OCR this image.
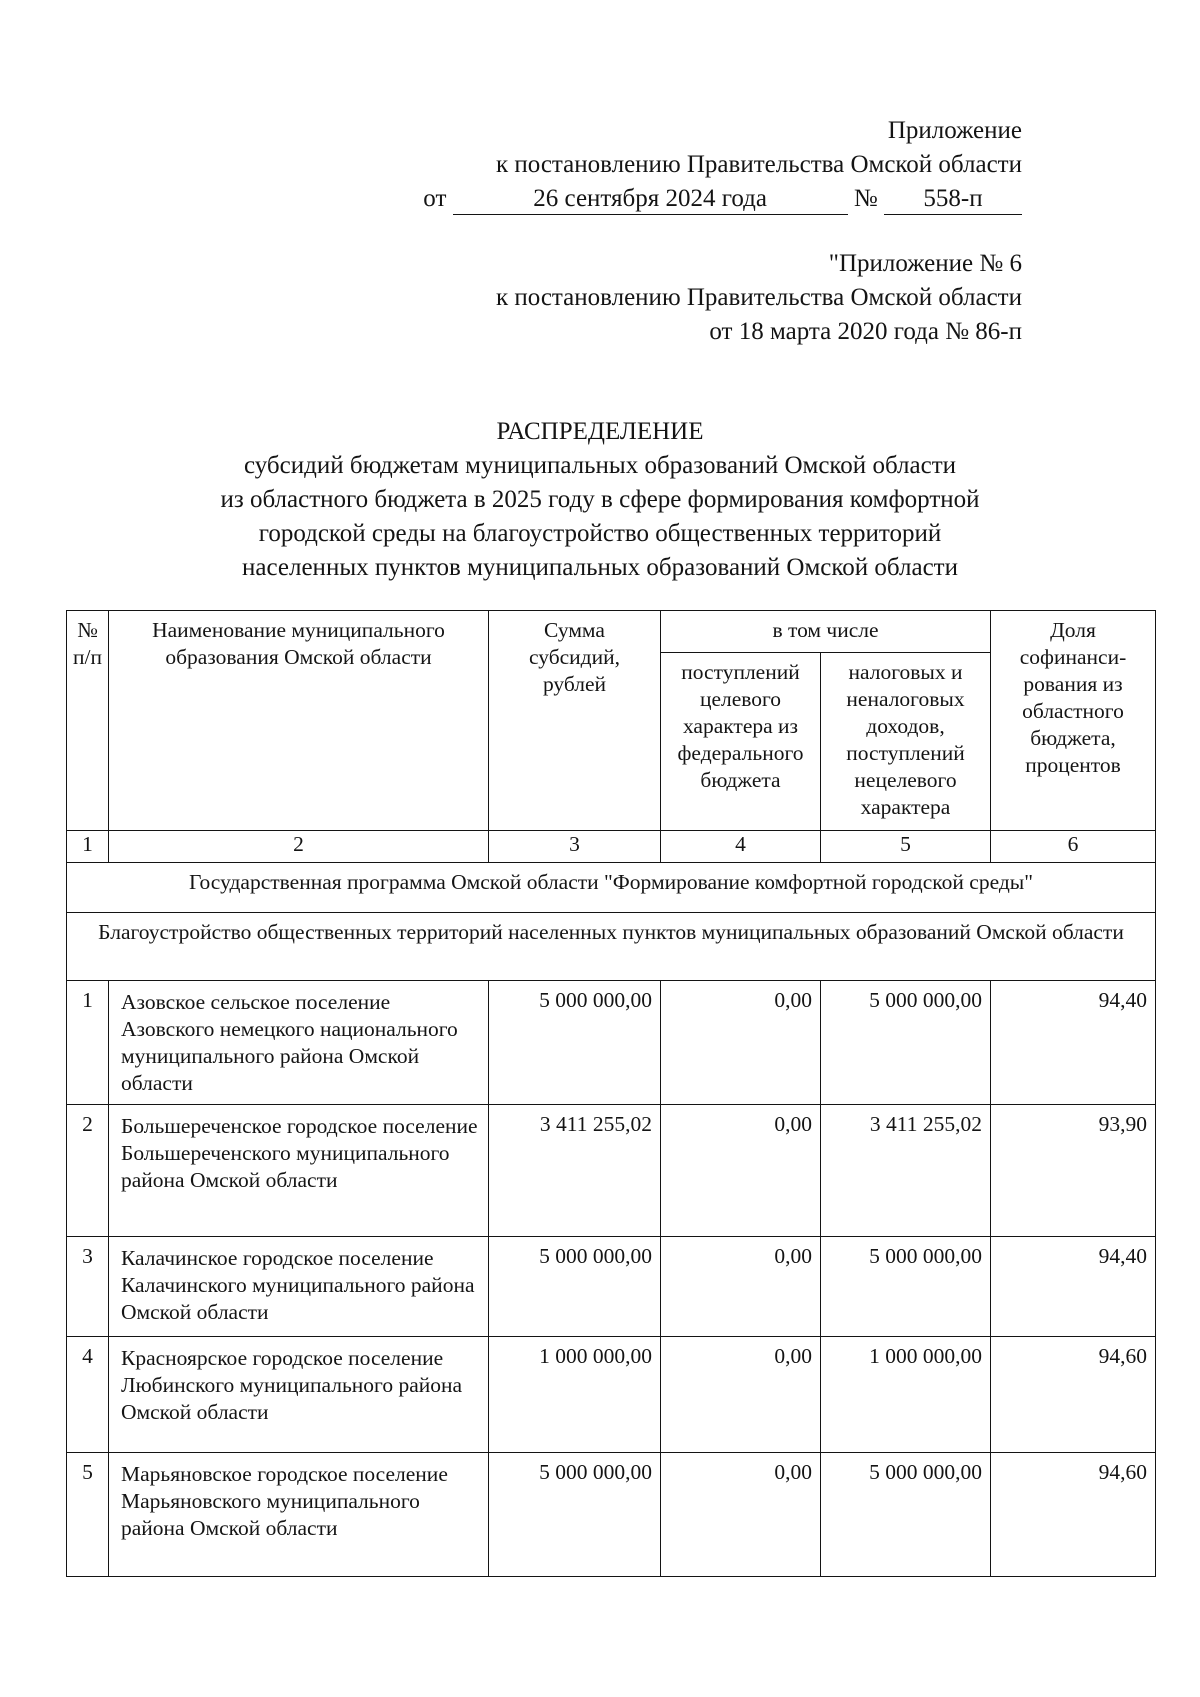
Приложение
к постановлению Правительства Омской области
от	26 сентября 2024 года	№ 558-п
"Приложение № 6
к постановлению Правительства Омской области
от 18 марта 2020 года № 86-п
РАСПРЕДЕЛЕНИЕ
субсидий бюджетам муниципальных образований Омской области
из областного бюджета в 2025 году в сфере формирования комфортной
городской среды на благоустройство общественных территорий
населенных пунктов муниципальных образований Омской области
№ п/п	Наименование муниципального образования Омской области	Сумма субсидий, рублей	в том числе		Доля софинанси-рования из областного бюджета, процентов
			поступлений целевого характера из федерального бюджета	налоговых и неналоговых доходов, поступлений нецелевого характера	
1	2	3	4	5	6
Государственная программа Омской области "Формирование комфортной городской среды"					
Благоустройство общественных территорий населенных пунктов муниципальных образований Омской области					
1	Азовское сельское поселение Азовского немецкого национального муниципального района Омской области	5 000 000,00	0,00	5 000 000,00	94,40
2	Большереченское городское поселение Большереченского муниципального района Омской области	3 411 255,02	0,00	3 411 255,02	93,90
3	Калачинское городское поселение Калачинского муниципального района Омской области	5 000 000,00	0,00	5 000 000,00	94,40
4	Красноярское городское поселение Любинского муниципального района Омской области	1 000 000,00	0,00	1 000 000,00	94,60
5	Марьяновское городское поселение Марьяновского муниципального района Омской области	5 000 000,00	0,00	5 000 000,00	94,60
